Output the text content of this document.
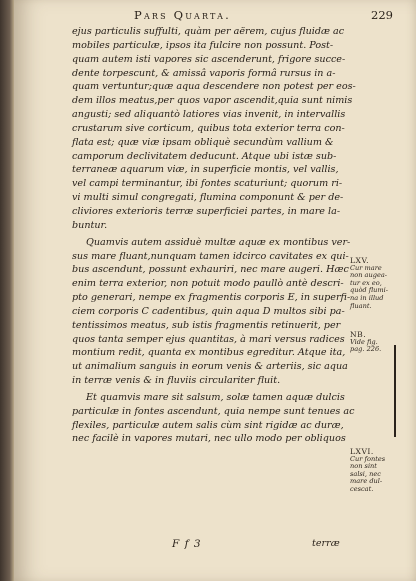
Pars Quarta.	229
ejus particulis suffulti, quàm per aërem, cujus fluidæ ac
mobiles particulæ, ipsos ita fulcire non possunt. Post-
quam autem isti vapores sic ascenderunt, frigore succe-
dente torpescunt, & amissâ vaporis formâ rursus in a-
quam vertuntur;quæ aqua descendere non potest per eos-
dem illos meatus,per quos vapor ascendit,quia sunt nimis
angusti; sed aliquantò latiores vias invenit, in intervallis
crustarum sive corticum, quibus tota exterior terra con-
flata est; quæ viæ ipsam obliquè secundùm vallium &
camporum declivitatem deducunt. Atque ubi istæ sub-
terraneæ aquarum viæ, in superficie montis, vel vallis,
vel campi terminantur, ibi fontes scaturiunt; quorum ri-
vi multi simul congregati, flumina componunt & per de-
cliviores exterioris terræ superficiei partes, in mare la-
buntur.
Quamvis autem assiduè multæ aquæ ex montibus ver-
sus mare fluant,nunquam tamen idcirco cavitates ex qui-
bus ascendunt, possunt exhauriri, nec mare augeri. Hæc
enim terra exterior, non potuit modo paullò antè descri-
pto generari, nempe ex fragmentis corporis E, in superfi-
ciem corporis C cadentibus, quin aqua D multos sibi pa-
tentissimos meatus, sub istis fragmentis retinuerit, per
quos tanta semper ejus quantitas, à mari versus radices
montium redit, quanta ex montibus egreditur. Atque ita,
ut animalium sanguis in eorum venis & arteriis, sic aqua
in terræ venis & in fluviis circulariter fluit.
Et quamvis mare sit salsum, solæ tamen aquæ dulcis
particulæ in fontes ascendunt, quia nempe sunt tenues ac
flexiles, particulæ autem salis cùm sint rigidæ ac duræ,
nec facilè in vapores mutari, nec ullo modo per obliquos
LXV.
Cur mare
non augea-
tur ex eo,
quòd flumi-
na in illud
fluant.
NB.
Vide fig.
pag. 226.
LXVI.
Cur fontes
non sint
salsi, nec
mare dul-
cescat.
F f 3	terræ
